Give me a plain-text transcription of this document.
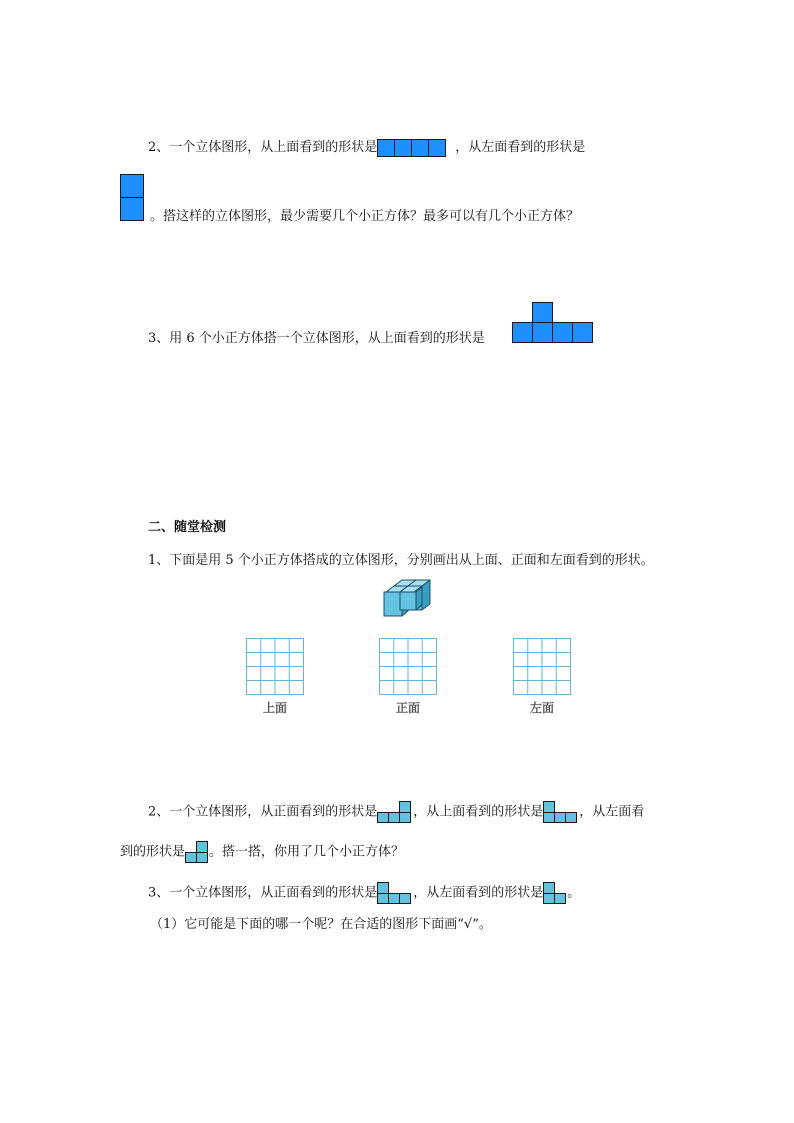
2、一个立体图形，从上面看到的形状是	，从左面看到的形状是
。搭这样的立体图形，最少需要几个小正方体？最多可以有几个小正方体？
3、用 6 个小正方体搭一个立体图形，从上面看到的形状是
二、随堂检测
1、下面是用 5 个小正方体搭成的立体图形，分别画出从上面、正面和左面看到的形状。
上面	正面	左面
2、一个立体图形，从正面看到的形状是	，从上面看到的形状是	，从左面看
到的形状是 。搭一搭，你用了几个小正方体？
3、一个立体图形，从正面看到的形状是	，从左面看到的形状是 。
（1）它可能是下面的哪一个呢？在合适的图形下面画“√”。
